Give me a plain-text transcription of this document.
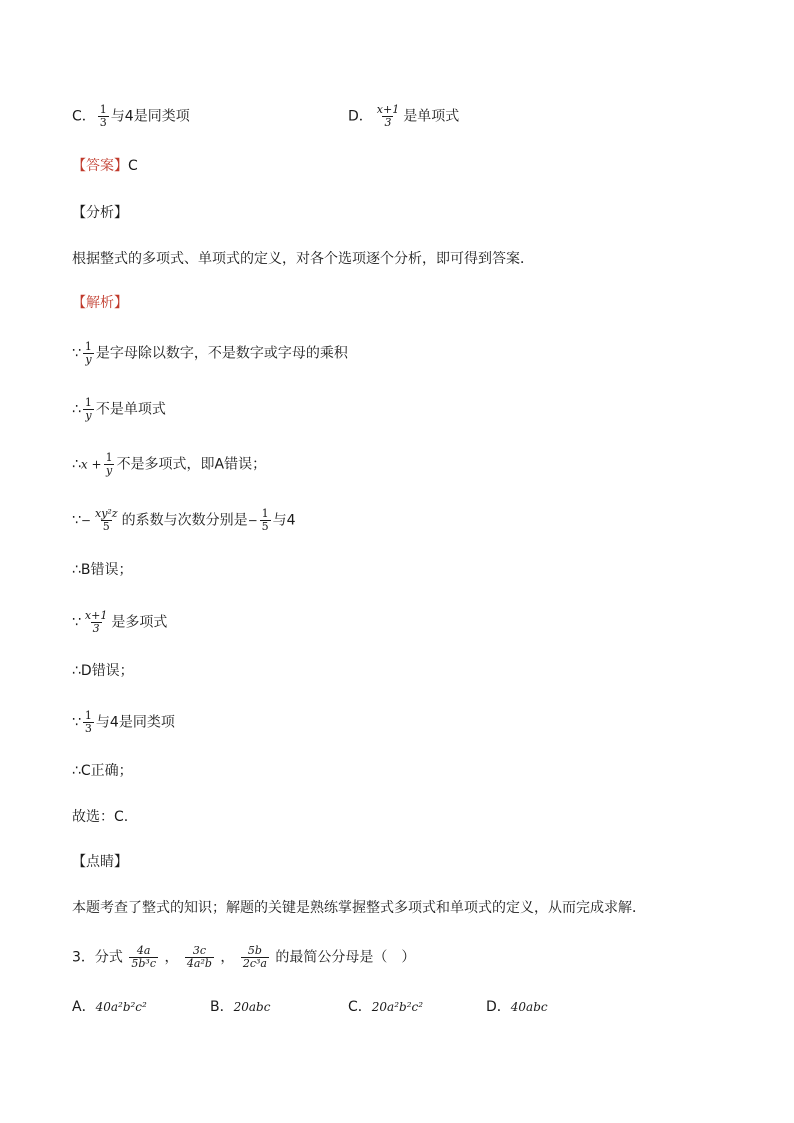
C． $\frac{1}{3}$ 与4是同类项	D． $\frac{x+1}{3}$ 是单项式
【答案】C
【分析】
根据整式的多项式、单项式的定义，对各个选项逐个分析，即可得到答案．
【解析】
∵ $\frac{1}{y}$ 是字母除以数字，不是数字或字母的乘积
∴ $\frac{1}{y}$ 不是单项式
∴x + $\frac{1}{y}$ 不是多项式，即A错误；
∵− $\frac{\text{xy²z}}{5}$ 的系数与次数分别是− $\frac{1}{5}$ 与4
∴B错误；
∵ $\frac{x+1}{3}$ 是多项式
∴D错误；
∵ $\frac{1}{3}$ 与4是同类项
∴C正确；
故选：C.
【点睛】
本题考查了整式的知识；解题的关键是熟练掌握整式多项式和单项式的定义，从而完成求解．
3．分式 $\frac{4a}{\text{5b³c}}$ ， $\frac{3c}{\text{4a²b}}$ ， $\frac{5b}{\text{2c³a}}$ 的最简公分母是（　）
A．40a²b²c²	B．20abc	C．20a²b²c²	D．40abc
